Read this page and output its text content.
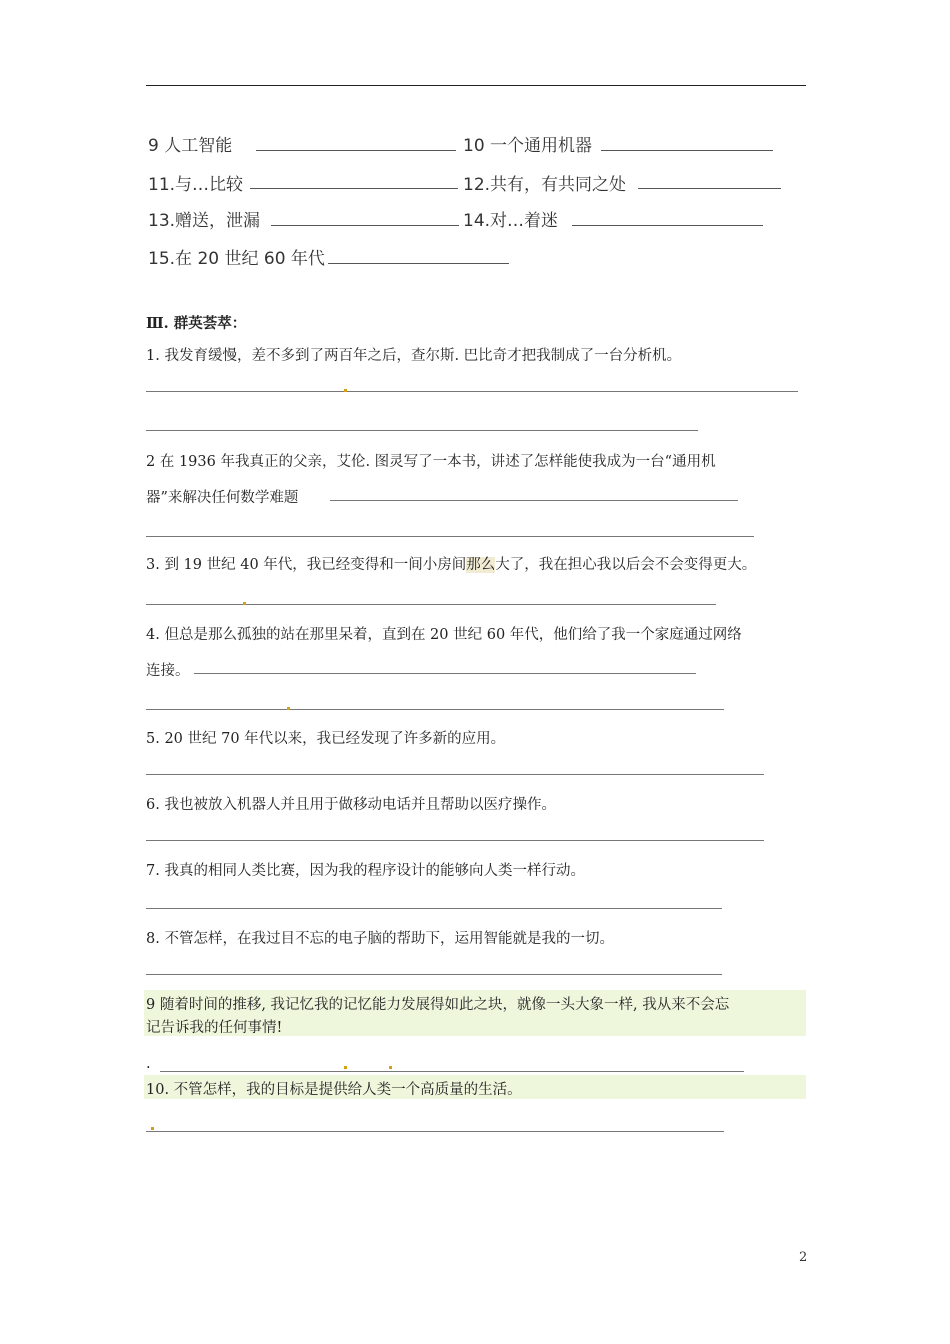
9 人工智能	10 一个通用机器
11.与…比较	12.共有，有共同之处
13.赠送，泄漏	14.对…着迷
15.在 20 世纪 60 年代
Ⅲ. 群英荟萃：
1. 我发育缓慢，差不多到了两百年之后，查尔斯. 巴比奇才把我制成了一台分析机。
2 在 1936 年我真正的父亲，艾伦. 图灵写了一本书，讲述了怎样能使我成为一台“通用机
器”来解决任何数学难题
3. 到 19 世纪 40 年代，我已经变得和一间小房间那么大了，我在担心我以后会不会变得更大。
4. 但总是那么孤独的站在那里呆着，直到在 20 世纪 60 年代，他们给了我一个家庭通过网络
连接。
5. 20 世纪 70 年代以来，我已经发现了许多新的应用。
6. 我也被放入机器人并且用于做移动电话并且帮助以医疗操作。
7. 我真的相同人类比赛，因为我的程序设计的能够向人类一样行动。
8. 不管怎样，在我过目不忘的电子脑的帮助下，运用智能就是我的一切。
9 随着时间的推移, 我记忆我的记忆能力发展得如此之块，就像一头大象一样, 我从来不会忘
记告诉我的任何事情!
.
10. 不管怎样，我的目标是提供给人类一个高质量的生活。
2
